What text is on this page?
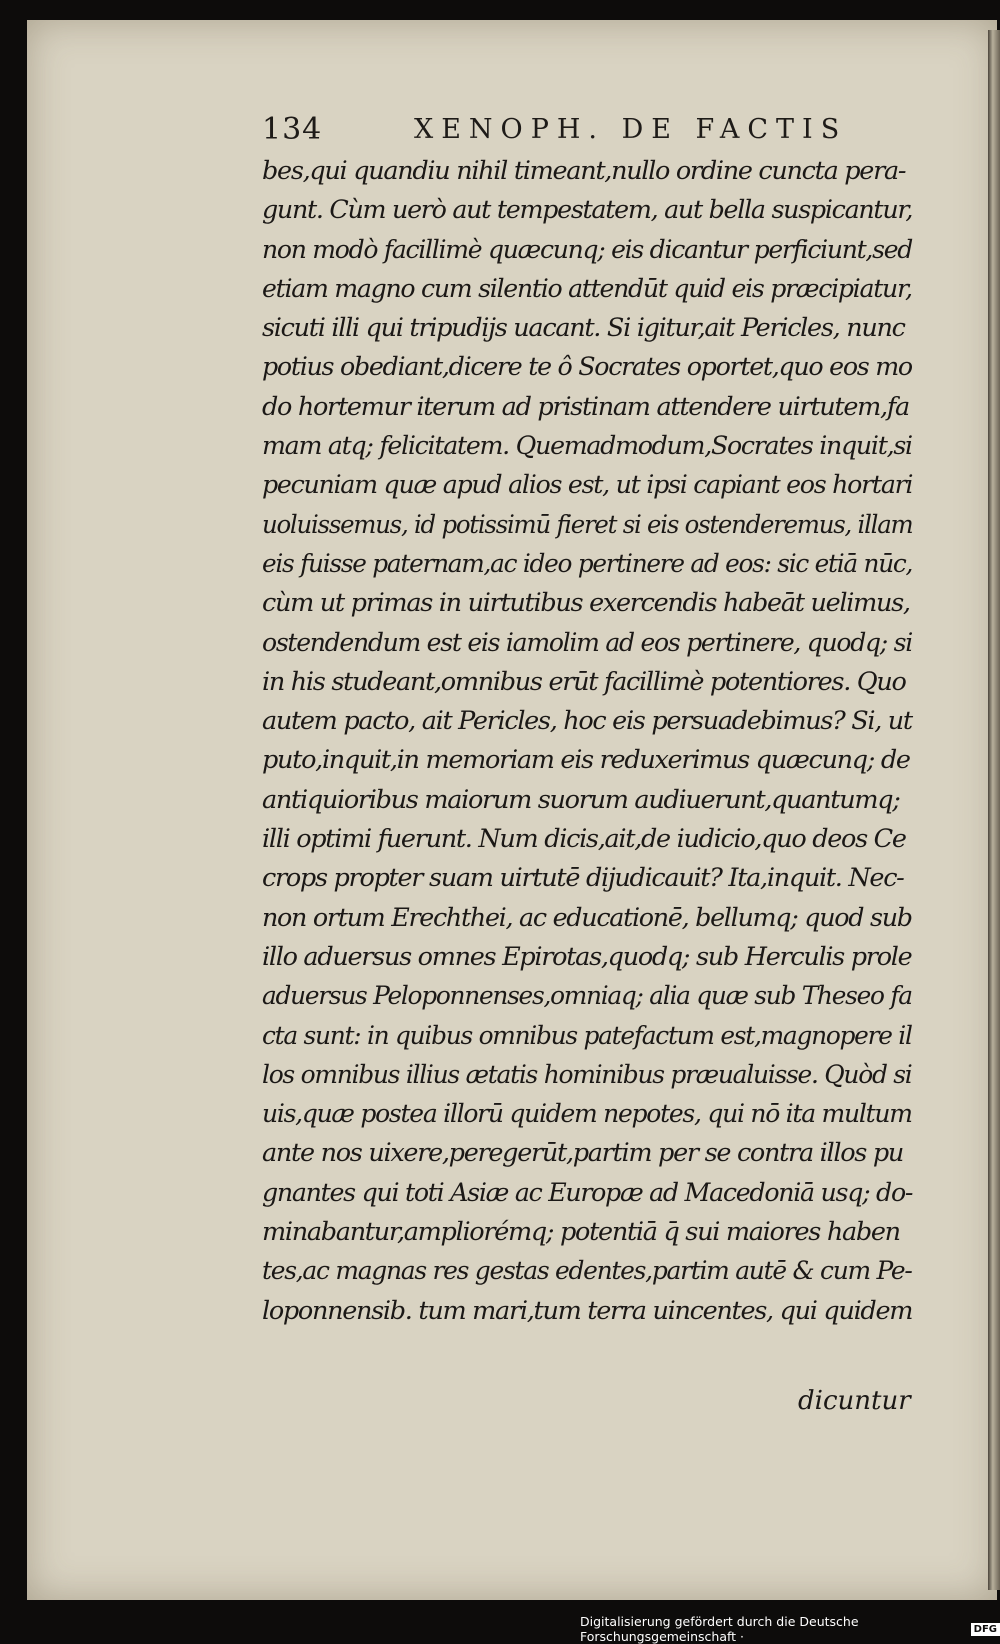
134	XENOPH. DE FACTIS
bes,qui quandiu nihil timeant,nullo ordine cuncta pera-
gunt. Cùm uerò aut tempestatem, aut bella suspicantur,
non modò facillimè quæcunq; eis dicantur perficiunt,sed
etiam magno cum silentio attendūt quid eis præcipiatur,
sicuti illi qui tripudijs uacant. Si igitur,ait Pericles, nunc
potius obediant,dicere te ô Socrates oportet,quo eos mo
do hortemur iterum ad pristinam attendere uirtutem,fa
mam atq; felicitatem. Quemadmodum,Socrates inquit,si
pecuniam quæ apud alios est, ut ipsi capiant eos hortari
uoluissemus, id potissimū fieret si eis ostenderemus, illam
eis fuisse paternam,ac ideo pertinere ad eos: sic etiā nūc,
cùm ut primas in uirtutibus exercendis habeāt uelimus,
ostendendum est eis iamolim ad eos pertinere, quodq; si
in his studeant,omnibus erūt facillimè potentiores. Quo
autem pacto, ait Pericles, hoc eis persuadebimus? Si, ut
puto,inquit,in memoriam eis reduxerimus quæcunq; de
antiquioribus maiorum suorum audiuerunt,quantumq;
illi optimi fuerunt. Num dicis,ait,de iudicio,quo deos Ce
crops propter suam uirtutē dijudicauit? Ita,inquit. Nec-
non ortum Erechthei, ac educationē, bellumq; quod sub
illo aduersus omnes Epirotas,quodq; sub Herculis prole
aduersus Peloponnenses,omniaq; alia quæ sub Theseo fa
cta sunt: in quibus omnibus patefactum est,magnopere il
los omnibus illius ætatis hominibus præualuisse. Quòd si
uis,quæ postea illorū quidem nepotes, qui nō ita multum
ante nos uixere,peregerūt,partim per se contra illos pu
gnantes qui toti Asiæ ac Europæ ad Macedoniā usq; do-
minabantur,ampliorémq; potentiā q̄ sui maiores haben
tes,ac magnas res gestas edentes,partim autē & cum Pe-
loponnensib. tum mari,tum terra uincentes, qui quidem
dicuntur
Digitalisierung gefördert durch die Deutsche Forschungsgemeinschaft ·	DFG
